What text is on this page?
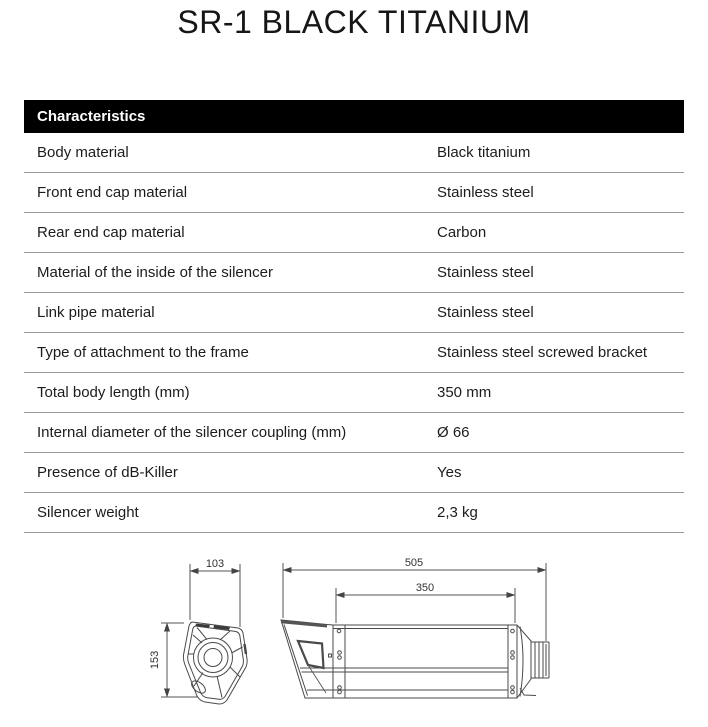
SR-1 BLACK TITANIUM
Characteristics
Body material	Black titanium
Front end cap material	Stainless steel
Rear end cap material	Carbon
Material of the inside of the silencer	Stainless steel
Link pipe material	Stainless steel
Type of attachment to the frame	Stainless steel screwed bracket
Total body length (mm)	350 mm
Internal diameter of the silencer coupling (mm)	Ø 66
Presence of dB-Killer	Yes
Silencer weight	2,3 kg
103
153
505
350
